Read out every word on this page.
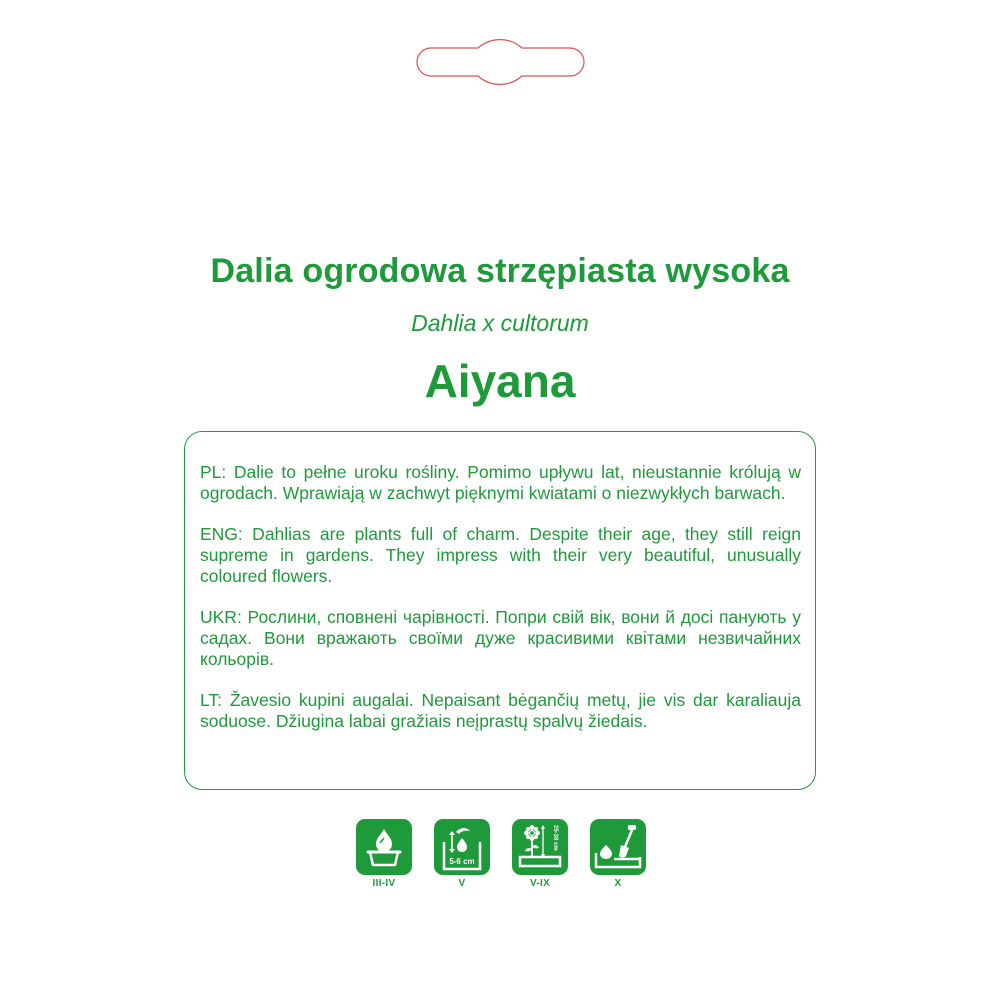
Dalia ogrodowa strzępiasta wysoka
Dahlia x cultorum
Aiyana

PL: Dalie to pełne uroku rośliny. Pomimo upływu lat, nieustannie królują w ogrodach. Wprawiają w zachwyt pięknymi kwiatami o niezwykłych barwach.

ENG: Dahlias are plants full of charm. Despite their age, they still reign supreme in gardens. They impress with their very beautiful, unusually coloured flowers.

UKR: Рослини, сповнені чарівності. Попри свій вік, вони й досі панують у садах. Вони вражають своїми дуже красивими квітами незвичайних кольорів.

LT: Žavesio kupini augalai. Nepaisant bėgančių metų, jie vis dar karaliauja soduose. Džiugina labai gražiais neįprastų spalvų žiedais.

III-IV
5-6 cm
V
25-30 cm
V-IX	X
